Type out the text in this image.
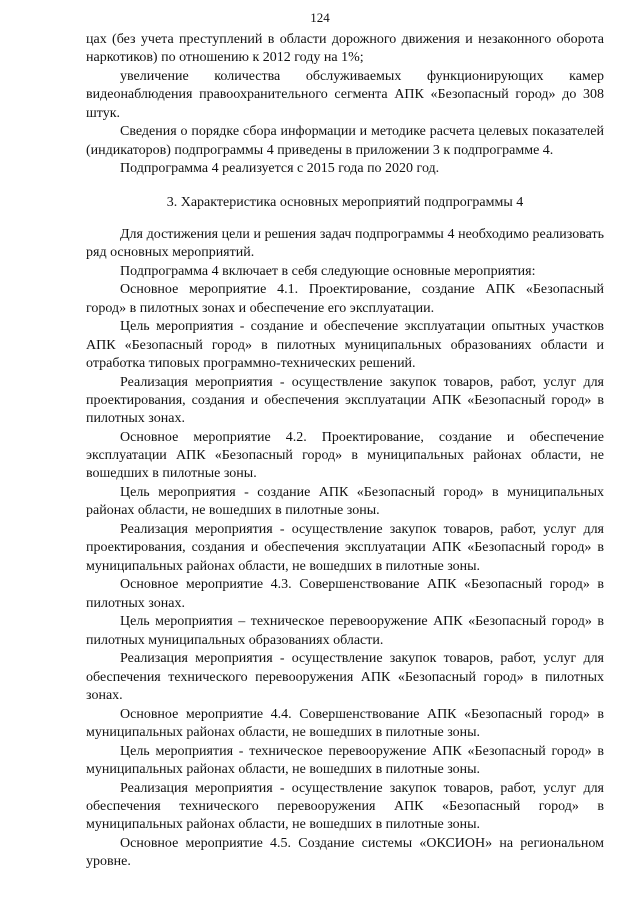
124

цах (без учета преступлений в области дорожного движения и незаконного оборота наркотиков) по отношению к 2012 году на 1%;

увеличение количества обслуживаемых функционирующих камер видеонаблюдения правоохранительного сегмента АПК «Безопасный город» до 308 штук.

Сведения о порядке сбора информации и методике расчета целевых показателей (индикаторов) подпрограммы 4 приведены в приложении 3 к подпрограмме 4.

Подпрограмма 4 реализуется с 2015 года по 2020 год.

3. Характеристика основных мероприятий подпрограммы 4

Для достижения цели и решения задач подпрограммы 4 необходимо реализовать ряд основных мероприятий.

Подпрограмма 4 включает в себя следующие основные мероприятия:

Основное мероприятие 4.1. Проектирование, создание АПК «Безопасный город» в пилотных зонах и обеспечение его эксплуатации.

Цель мероприятия - создание и обеспечение эксплуатации опытных участков АПК «Безопасный город» в пилотных муниципальных образованиях области и отработка типовых программно-технических решений.

Реализация мероприятия - осуществление закупок товаров, работ, услуг для проектирования, создания и обеспечения эксплуатации АПК «Безопасный город» в пилотных зонах.

Основное мероприятие 4.2. Проектирование, создание и обеспечение эксплуатации АПК «Безопасный город» в муниципальных районах области, не вошедших в пилотные зоны.

Цель мероприятия - создание АПК «Безопасный город» в муниципальных районах области, не вошедших в пилотные зоны.

Реализация мероприятия - осуществление закупок товаров, работ, услуг для проектирования, создания и обеспечения эксплуатации АПК «Безопасный город» в муниципальных районах области, не вошедших в пилотные зоны.

Основное мероприятие 4.3. Совершенствование АПК «Безопасный город» в пилотных зонах.

Цель мероприятия – техническое перевооружение АПК «Безопасный город» в пилотных муниципальных образованиях области.

Реализация мероприятия - осуществление закупок товаров, работ, услуг для обеспечения технического перевооружения АПК «Безопасный город» в пилотных зонах.

Основное мероприятие 4.4. Совершенствование АПК «Безопасный город» в муниципальных районах области, не вошедших в пилотные зоны.

Цель мероприятия - техническое перевооружение АПК «Безопасный город» в муниципальных районах области, не вошедших в пилотные зоны.

Реализация мероприятия - осуществление закупок товаров, работ, услуг для обеспечения технического перевооружения АПК «Безопасный город» в муниципальных районах области, не вошедших в пилотные зоны.

Основное мероприятие 4.5. Создание системы «ОКСИОН» на региональном уровне.
